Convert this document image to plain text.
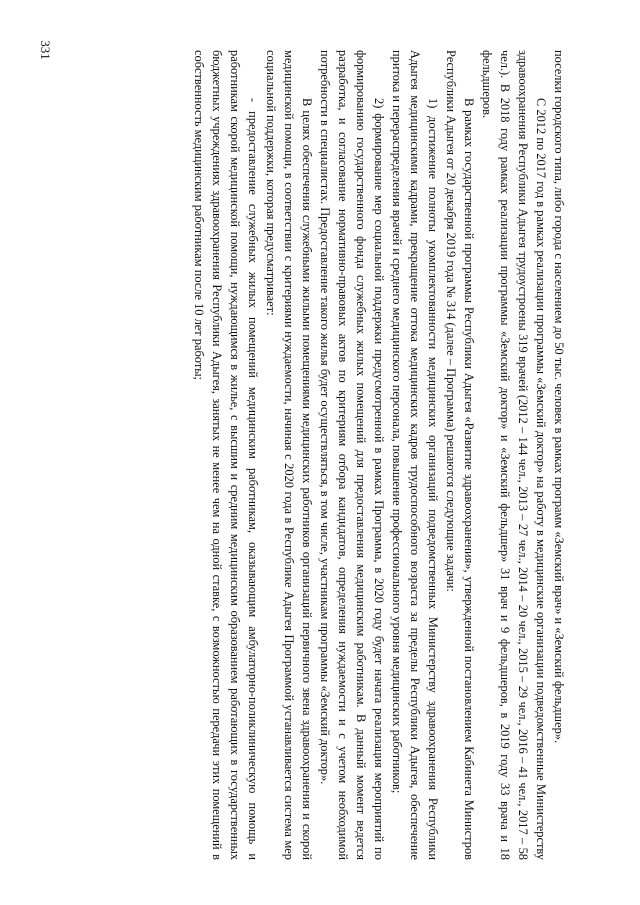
331	поселки городского типа, либо города с населением до 50 тыс. человек в рамках программ «Земский врач» и «Земский фельдшер».

С 2012 по 2017 год в рамках реализации программы «Земский доктор» на работу в медицинские организации подведомственные Министерству здравоохранения Республики Адыгея трудоустроены 319 врачей (2012 – 144 чел., 2013 – 27 чел., 2014 – 20 чел., 2015 – 29 чел., 2016 – 41 чел., 2017 – 58 чел.). В 2018 году рамках реализации программы «Земский доктор» и «Земский фельдшер» 31 врач и 9 фельдшеров, в 2019 году 33 врача и 18 фельдшеров.

В рамках государственной программы Республики Адыгея «Развитие здравоохранения», утвержденной постановлением Кабинета Министров Республики Адыгея от 20 декабря 2019 года № 314 (далее – Программа) решаются следующие задачи:

1) достижение полноты укомплектованности медицинских организаций подведомственных Министерству здравоохранения Республики Адыгея медицинскими кадрами, прекращение оттока медицинских кадров трудоспособного возраста за пределы Республики Адыгея, обеспечение притока и перераспределения врачей и среднего медицинского персонала, повышение профессионального уровня медицинских работников;

2) формирование мер социальной поддержки предусмотренной в рамках Программа, в 2020 году будет начата реализация мероприятий по формированию государственного фонда служебных жилых помещений для предоставления медицинским работникам. В данный момент ведется разработка, и согласование нормативно-правовых актов по критериям отбора кандидатов, определения нуждаемости и с учетом необходимой потребности в специалистах. Предоставление такого жилья будет осуществляться, в том числе, участникам программы «Земский доктор».

В целях обеспечения служебными жилыми помещениями медицинских работников организаций первичного звена здравоохранения и скорой медицинской помощи, в соответствии с критериями нуждаемости, начиная с 2020 года в Республике Адыгея Программой устанавливается система мер социальной поддержки, которая предусматривает:

- предоставление служебных жилых помещений медицинским работникам, оказывающим амбулаторно-поликлиническую помощь и работникам скорой медицинской помощи, нуждающимся в жилье, с высшим и средним медицинским образованием работающих в государственных бюджетных учреждениях здравоохранения Республики Адыгея, занятых не менее чем на одной ставке, с возможностью передачи этих помещений в собственность медицинским работникам после 10 лет работы;
